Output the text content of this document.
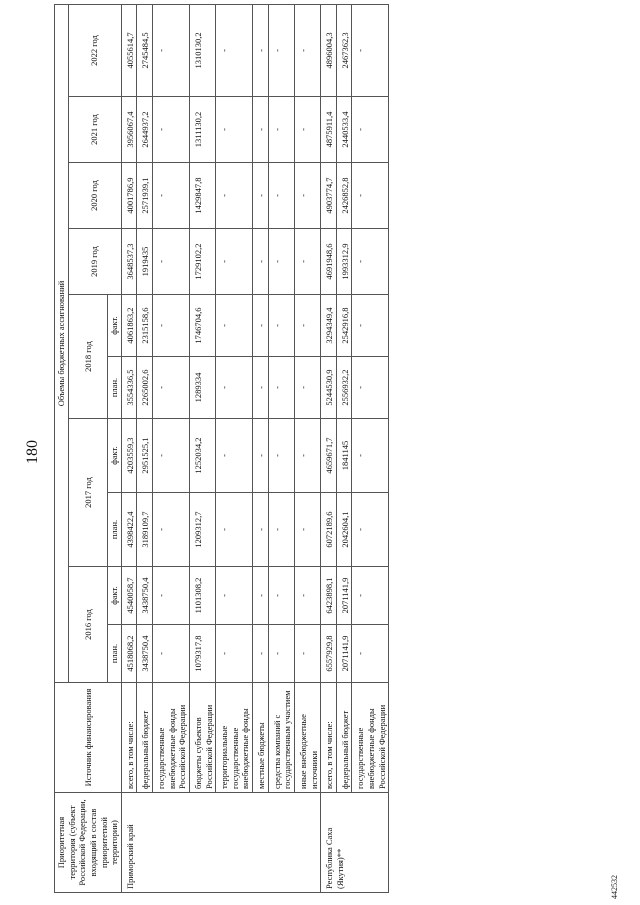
180
Приоритетная территория (субъект Российской Федерации, входящий в состав приоритетной территории)	Источник финансирования	Объемы бюджетных ассигнований									
		2016 год		2017 год		2018 год		2019 год	2020 год	2021 год	2022 год
		план.	факт.	план.	факт.	план.	факт.				
Приморский край	всего, в том числе:	4518068,2	4540058,7	4398422,4	4203559,3	3554336,5	4061863,2	3648537,3	4001786,9	3956067,4	4055614,7
	федеральный бюджет	3438750,4	3438750,4	3189109,7	2951525,1	2265002,6	2315158,6	1919435	2571939,1	2644937,2	2745484,5
	государственные внебюджетные фонды Российской Федерации	-	-	-	-	-	-	-	-	-	-
	бюджеты субъектов Российской Федерации	1079317,8	1101308,2	1209312,7	1252034,2	1289334	1746704,6	1729102,2	1429847,8	1311130,2	1310130,2
	территориальные государственные внебюджетные фонды	-	-	-	-	-	-	-	-	-	-
	местные бюджеты	-	-	-	-	-	-	-	-	-	-
	средства компаний с государственным участием	-	-	-	-	-	-	-	-	-	-
	иные внебюджетные источники	-	-	-	-	-	-	-	-	-	-
Республика Саха (Якутия)**	всего, в том числе:	6557929,8	6423898,1	6072189,6	4659671,7	5244530,9	3294349,4	4691948,6	4903774,7	4875911,4	4896004,3
	федеральный бюджет	2071141,9	2071141,9	2042604,1	1841145	2556932,2	2542916,8	1993312,9	2426852,8	2440533,4	2467362,3
	государственные внебюджетные фонды Российской Федерации	-	-	-	-	-	-	-	-	-	-
442532
